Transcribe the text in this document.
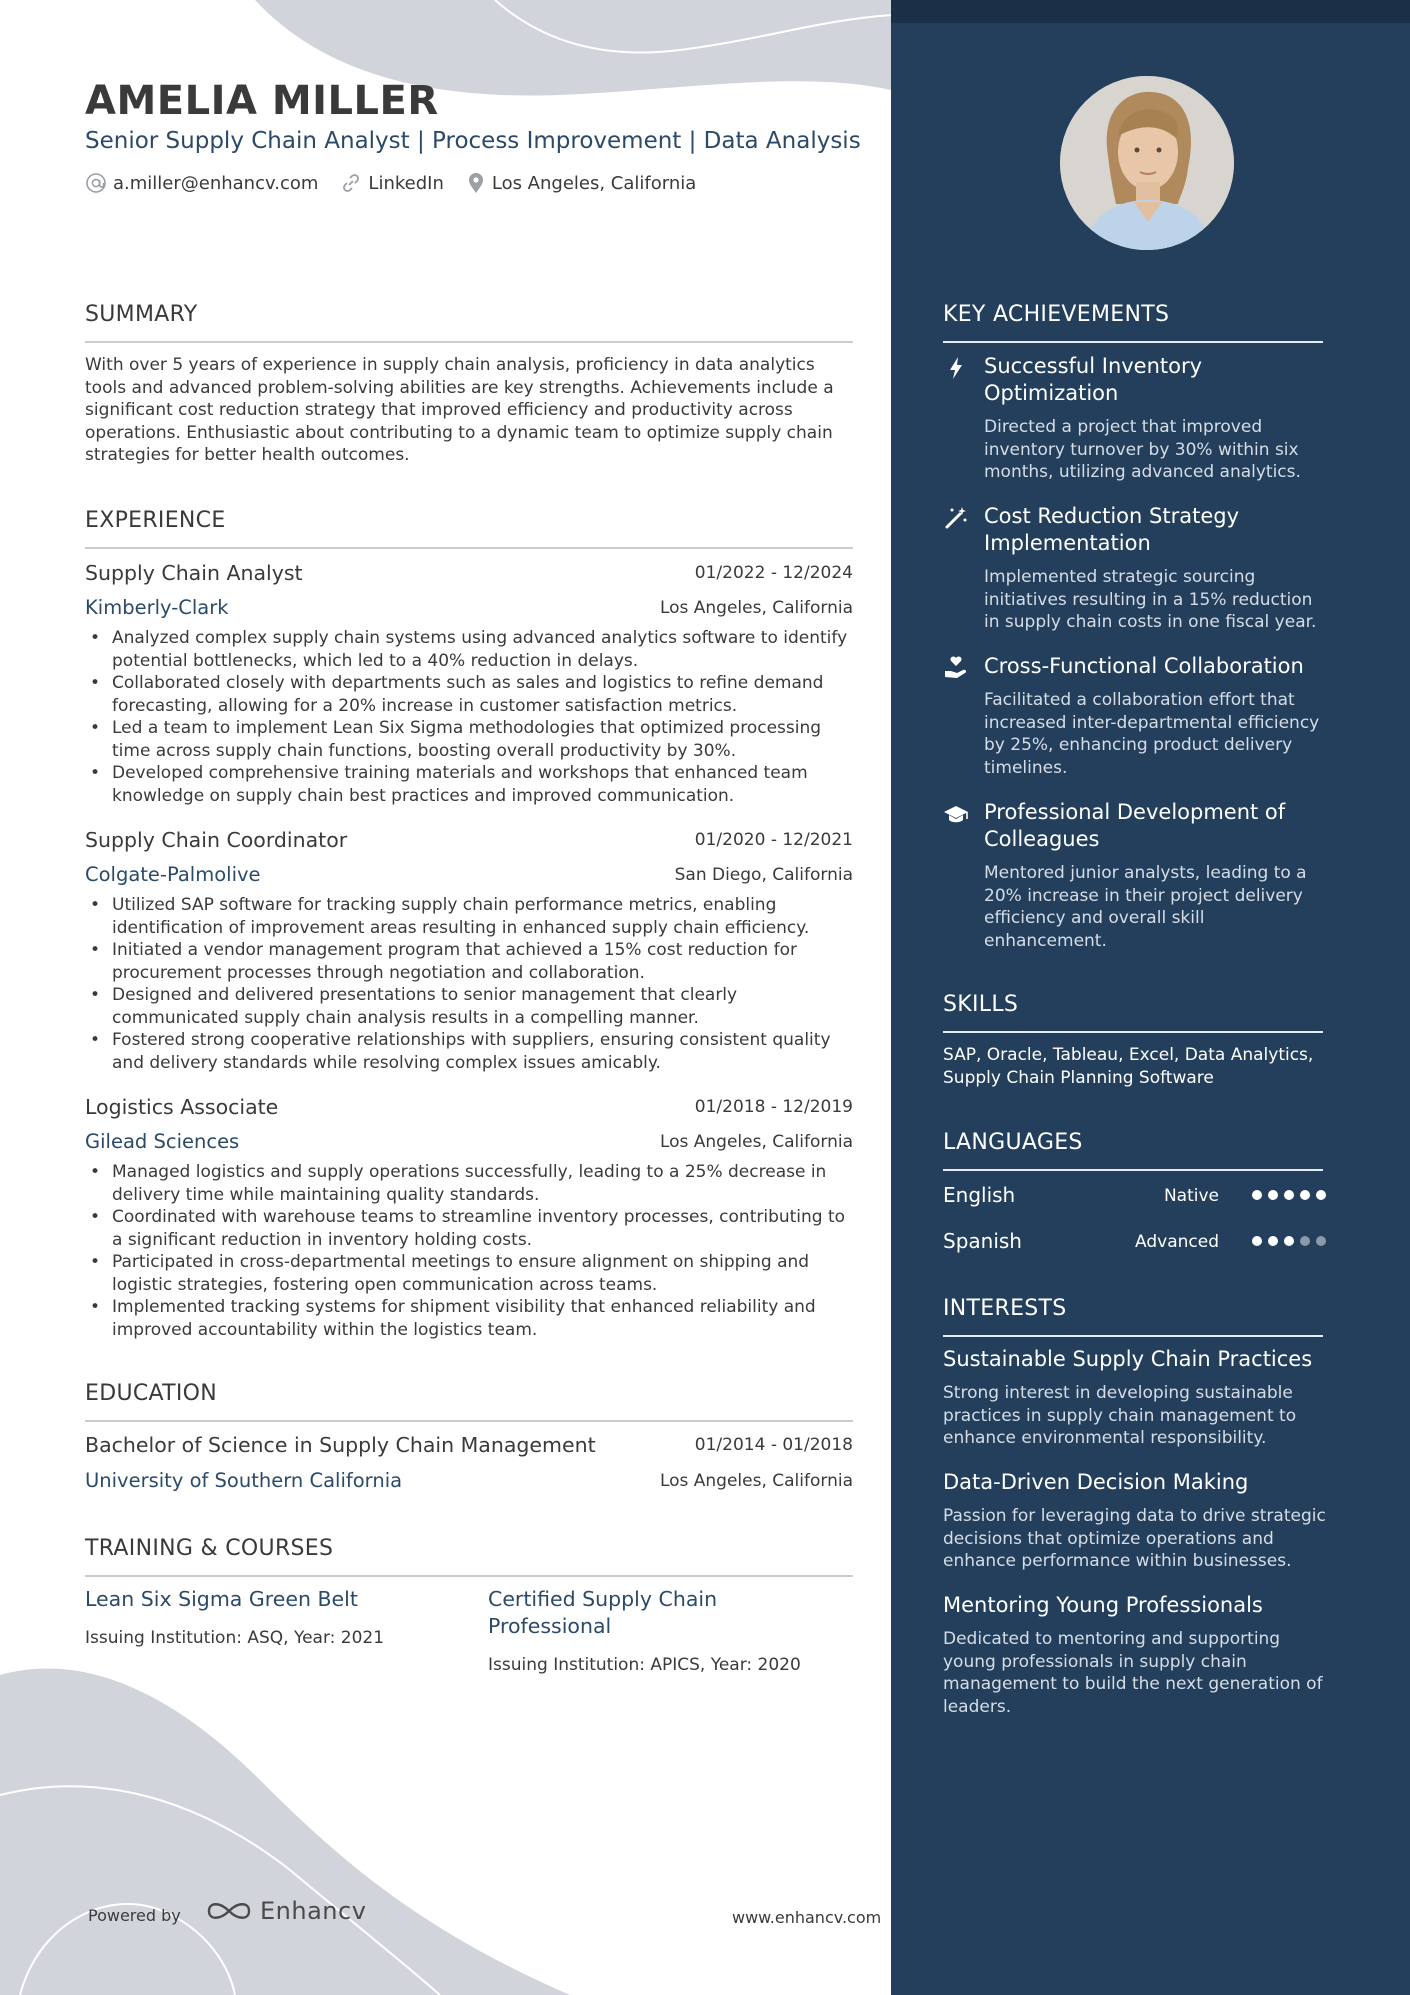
AMELIA MILLER
Senior Supply Chain Analyst | Process Improvement | Data Analysis
a.miller@enhancv.com	LinkedIn	Los Angeles, California
SUMMARY
With over 5 years of experience in supply chain analysis, proficiency in data analytics tools and advanced problem-solving abilities are key strengths. Achievements include a significant cost reduction strategy that improved efficiency and productivity across operations. Enthusiastic about contributing to a dynamic team to optimize supply chain strategies for better health outcomes.
EXPERIENCE
Supply Chain Analyst	01/2022 - 12/2024
Kimberly-Clark	Los Angeles, California
• Analyzed complex supply chain systems using advanced analytics software to identify potential bottlenecks, which led to a 40% reduction in delays.
• Collaborated closely with departments such as sales and logistics to refine demand forecasting, allowing for a 20% increase in customer satisfaction metrics.
• Led a team to implement Lean Six Sigma methodologies that optimized processing time across supply chain functions, boosting overall productivity by 30%.
• Developed comprehensive training materials and workshops that enhanced team knowledge on supply chain best practices and improved communication.
Supply Chain Coordinator	01/2020 - 12/2021
Colgate-Palmolive	San Diego, California
• Utilized SAP software for tracking supply chain performance metrics, enabling identification of improvement areas resulting in enhanced supply chain efficiency.
• Initiated a vendor management program that achieved a 15% cost reduction for procurement processes through negotiation and collaboration.
• Designed and delivered presentations to senior management that clearly communicated supply chain analysis results in a compelling manner.
• Fostered strong cooperative relationships with suppliers, ensuring consistent quality and delivery standards while resolving complex issues amicably.
Logistics Associate	01/2018 - 12/2019
Gilead Sciences	Los Angeles, California
• Managed logistics and supply operations successfully, leading to a 25% decrease in delivery time while maintaining quality standards.
• Coordinated with warehouse teams to streamline inventory processes, contributing to a significant reduction in inventory holding costs.
• Participated in cross-departmental meetings to ensure alignment on shipping and logistic strategies, fostering open communication across teams.
• Implemented tracking systems for shipment visibility that enhanced reliability and improved accountability within the logistics team.
EDUCATION
Bachelor of Science in Supply Chain Management	01/2014 - 01/2018
University of Southern California	Los Angeles, California
TRAINING & COURSES
Lean Six Sigma Green Belt
Issuing Institution: ASQ, Year: 2021
Certified Supply Chain Professional
Issuing Institution: APICS, Year: 2020
Powered by	Enhancv	www.enhancv.com
KEY ACHIEVEMENTS
Successful Inventory Optimization
Directed a project that improved inventory turnover by 30% within six months, utilizing advanced analytics.
Cost Reduction Strategy Implementation
Implemented strategic sourcing initiatives resulting in a 15% reduction in supply chain costs in one fiscal year.
Cross-Functional Collaboration
Facilitated a collaboration effort that increased inter-departmental efficiency by 25%, enhancing product delivery timelines.
Professional Development of Colleagues
Mentored junior analysts, leading to a 20% increase in their project delivery efficiency and overall skill enhancement.
SKILLS
SAP, Oracle, Tableau, Excel, Data Analytics, Supply Chain Planning Software
LANGUAGES
English	Native
Spanish	Advanced
INTERESTS
Sustainable Supply Chain Practices
Strong interest in developing sustainable practices in supply chain management to enhance environmental responsibility.
Data-Driven Decision Making
Passion for leveraging data to drive strategic decisions that optimize operations and enhance performance within businesses.
Mentoring Young Professionals
Dedicated to mentoring and supporting young professionals in supply chain management to build the next generation of leaders.
